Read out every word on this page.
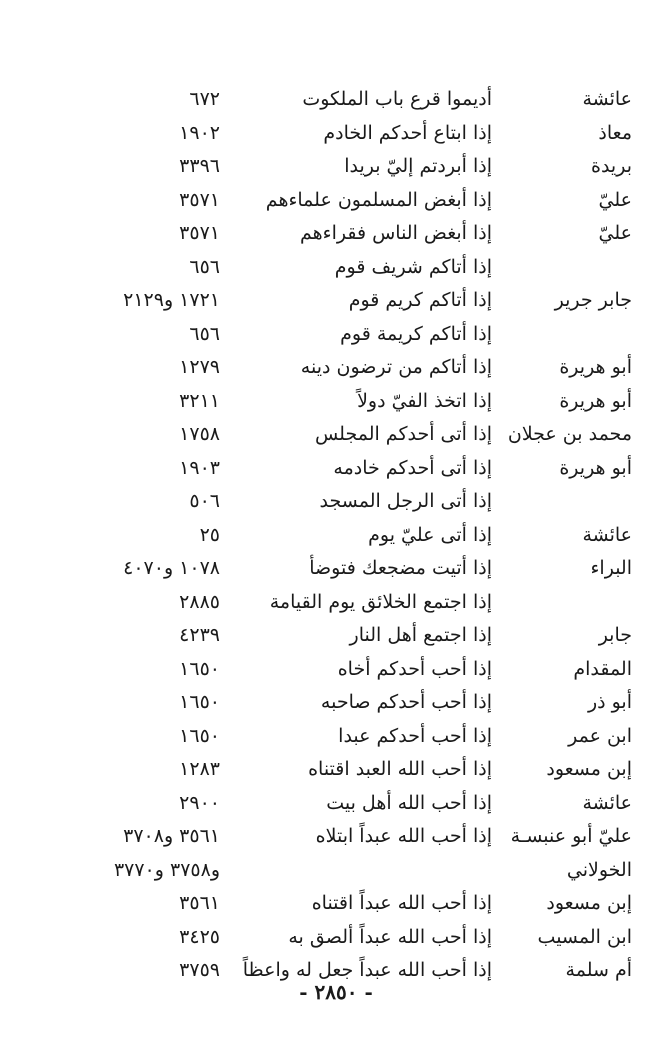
عائشة
أديموا قرع باب الملكوت
٦٧٢
معاذ
إذا ابتاع أحدكم الخادم
١٩٠٢
بريدة
إذا أبردتم إليّ بريدا
٣٣٩٦
عليّ
إذا أبغض المسلمون علماءهم
٣٥٧١
عليّ
إذا أبغض الناس فقراءهم
٣٥٧١
إذا أتاكم شريف قوم
٦٥٦
جابر جرير
إذا أتاكم كريم قوم
١٧٢١ و٢١٢٩
إذا أتاكم كريمة قوم
٦٥٦
أبو هريرة
إذا أتاكم من ترضون دينه
١٢٧٩
أبو هريرة
إذا اتخذ الفيّ دولاً
٣٢١١
محمد بن عجلان
إذا أتى أحدكم المجلس
١٧٥٨
أبو هريرة
إذا أتى أحدكم خادمه
١٩٠٣
إذا أتى الرجل المسجد
٥٠٦
عائشة
إذا أتى عليّ يوم
٢٥
البراء
إذا أتيت مضجعك فتوضأ
١٠٧٨ و٤٠٧٠
إذا اجتمع الخلائق يوم القيامة
٢٨٨٥
جابر
إذا اجتمع أهل النار
٤٢٣٩
المقدام
إذا أحب أحدكم أخاه
١٦٥٠
أبو ذر
إذا أحب أحدكم صاحبه
١٦٥٠
ابن عمر
إذا أحب أحدكم عبدا
١٦٥٠
إبن مسعود
إذا أحب الله العبد اقتناه
١٢٨٣
عائشة
إذا أحب الله أهل بيت
٢٩٠٠
عليّ أبو عنبسـة
إذا أحب الله عبداً ابتلاه
٣٥٦١ و٣٧٠٨
الخولاني
و٣٧٥٨ و٣٧٧٠
إبن مسعود
إذا أحب الله عبداً اقتناه
٣٥٦١
ابن المسيب
إذا أحب الله عبداً ألصق به
٣٤٢٥
أم سلمة
إذا أحب الله عبداً جعل له واعظاً
٣٧٥٩
- ٢٨٥٠ -
